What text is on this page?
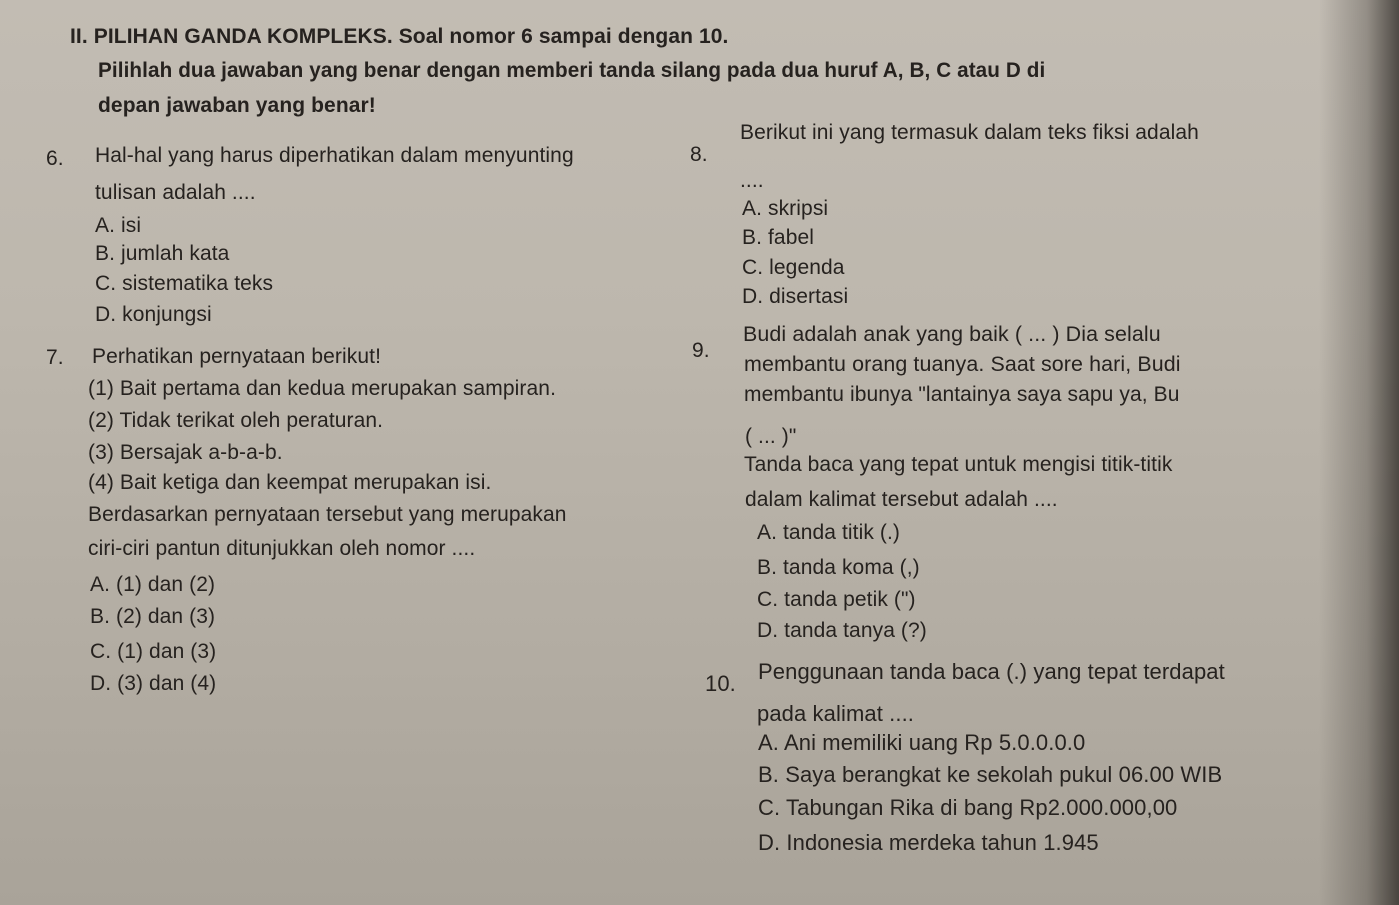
II. PILIHAN GANDA KOMPLEKS. Soal nomor 6 sampai dengan 10.
Pilihlah dua jawaban yang benar dengan memberi tanda silang pada dua huruf A, B, C atau D di
depan jawaban yang benar!
6. Hal-hal yang harus diperhatikan dalam menyunting
tulisan adalah ....
A. isi
B. jumlah kata
C. sistematika teks
D. konjungsi
7. Perhatikan pernyataan berikut!
(1) Bait pertama dan kedua merupakan sampiran.
(2) Tidak terikat oleh peraturan.
(3) Bersajak a-b-a-b.
(4) Bait ketiga dan keempat merupakan isi.
Berdasarkan pernyataan tersebut yang merupakan
ciri-ciri pantun ditunjukkan oleh nomor ....
A. (1) dan (2)
B. (2) dan (3)
C. (1) dan (3)
D. (3) dan (4)
8.
Berikut ini yang termasuk dalam teks fiksi adalah
....
A. skripsi
B. fabel
C. legenda
D. disertasi
9.
Budi adalah anak yang baik ( ... ) Dia selalu
membantu orang tuanya. Saat sore hari, Budi
membantu ibunya "lantainya saya sapu ya, Bu
( ... )"
Tanda baca yang tepat untuk mengisi titik-titik
dalam kalimat tersebut adalah ....
A. tanda titik (.)
B. tanda koma (,)
C. tanda petik (")
D. tanda tanya (?)
10. Penggunaan tanda baca (.) yang tepat terdapat
pada kalimat ....
A. Ani memiliki uang Rp 5.0.0.0.0
B. Saya berangkat ke sekolah pukul 06.00 WIB
C. Tabungan Rika di bang Rp2.000.000,00
D. Indonesia merdeka tahun 1.945
